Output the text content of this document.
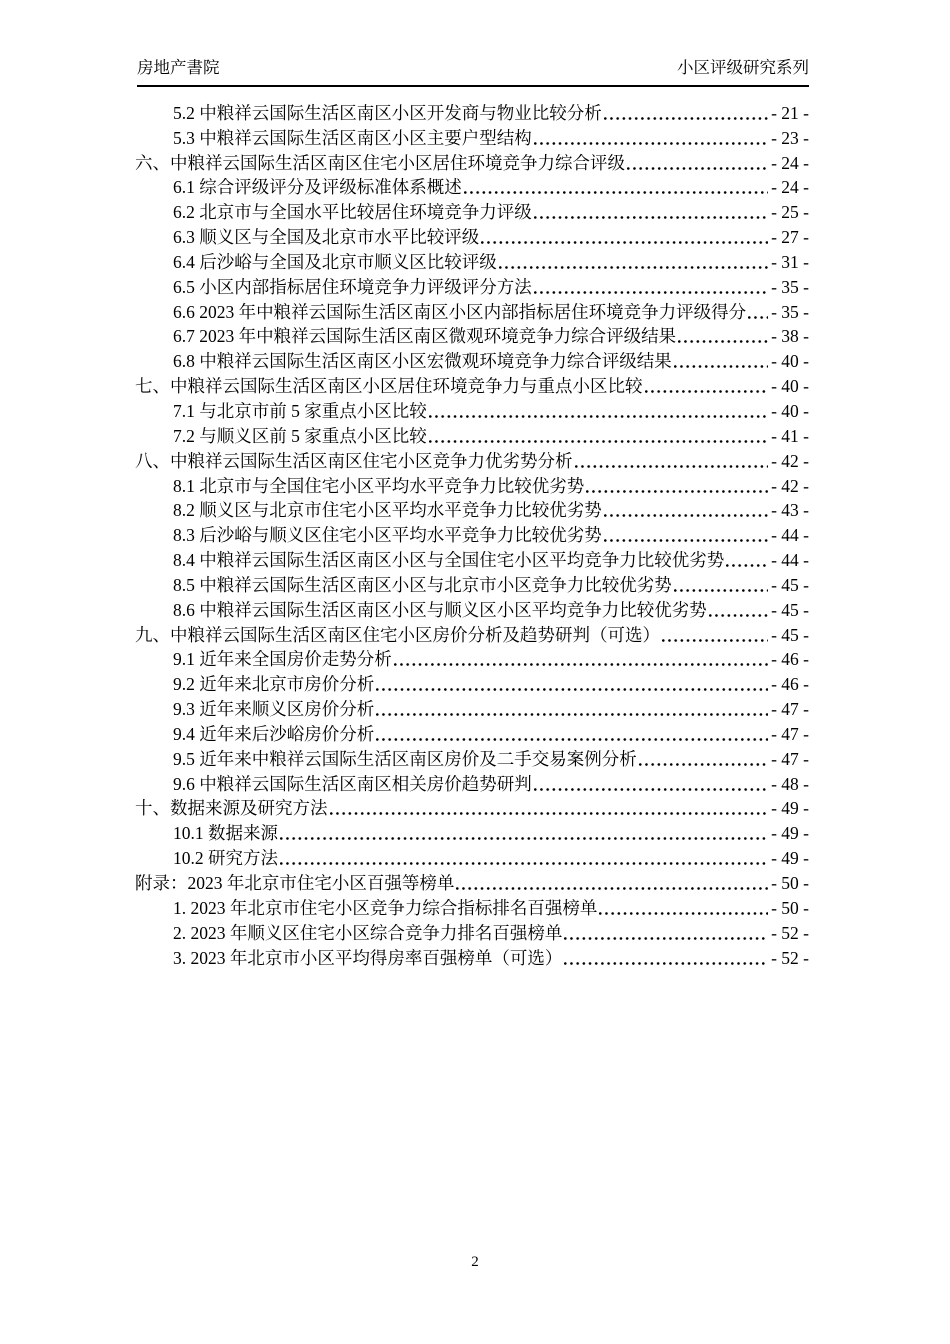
房地产書院	小区评级研究系列
5.2 中粮祥云国际生活区南区小区开发商与物业比较分析	- 21 -
5.3 中粮祥云国际生活区南区小区主要户型结构	- 23 -
六、中粮祥云国际生活区南区住宅小区居住环境竞争力综合评级	- 24 -
6.1 综合评级评分及评级标准体系概述	- 24 -
6.2 北京市与全国水平比较居住环境竞争力评级	- 25 -
6.3 顺义区与全国及北京市水平比较评级	- 27 -
6.4 后沙峪与全国及北京市顺义区比较评级	- 31 -
6.5 小区内部指标居住环境竞争力评级评分方法	- 35 -
6.6 2023 年中粮祥云国际生活区南区小区内部指标居住环境竞争力评级得分 - 35 -
6.7 2023 年中粮祥云国际生活区南区微观环境竞争力综合评级结果	- 38 -
6.8 中粮祥云国际生活区南区小区宏微观环境竞争力综合评级结果	- 40 -
七、中粮祥云国际生活区南区小区居住环境竞争力与重点小区比较	- 40 -
7.1 与北京市前 5 家重点小区比较	- 40 -
7.2 与顺义区前 5 家重点小区比较	- 41 -
八、中粮祥云国际生活区南区住宅小区竞争力优劣势分析	- 42 -
8.1 北京市与全国住宅小区平均水平竞争力比较优劣势	- 42 -
8.2 顺义区与北京市住宅小区平均水平竞争力比较优劣势	- 43 -
8.3 后沙峪与顺义区住宅小区平均水平竞争力比较优劣势	- 44 -
8.4 中粮祥云国际生活区南区小区与全国住宅小区平均竞争力比较优劣势	- 44 -
8.5 中粮祥云国际生活区南区小区与北京市小区竞争力比较优劣势	- 45 -
8.6 中粮祥云国际生活区南区小区与顺义区小区平均竞争力比较优劣势	- 45 -
九、中粮祥云国际生活区南区住宅小区房价分析及趋势研判（可选）	- 45 -
9.1 近年来全国房价走势分析	- 46 -
9.2 近年来北京市房价分析	- 46 -
9.3 近年来顺义区房价分析	- 47 -
9.4 近年来后沙峪房价分析	- 47 -
9.5 近年来中粮祥云国际生活区南区房价及二手交易案例分析	- 47 -
9.6 中粮祥云国际生活区南区相关房价趋势研判	- 48 -
十、数据来源及研究方法	- 49 -
10.1 数据来源	- 49 -
10.2 研究方法	- 49 -
附录：2023 年北京市住宅小区百强等榜单	- 50 -
1. 2023 年北京市住宅小区竞争力综合指标排名百强榜单	- 50 -
2. 2023 年顺义区住宅小区综合竞争力排名百强榜单	- 52 -
3. 2023 年北京市小区平均得房率百强榜单（可选）	- 52 -
2
